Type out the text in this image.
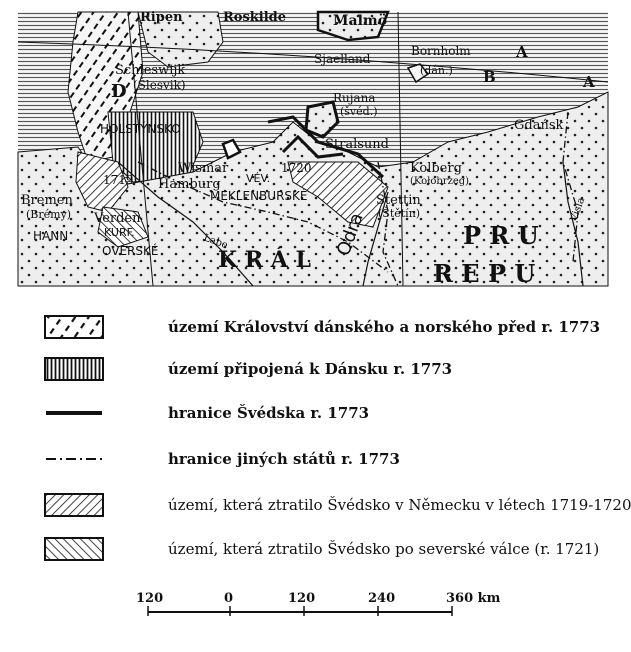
Ripen	Roskilde	Malmö
Sjaelland
Bornholm
(dán.)
A
B	A
D
Schleswijk
(Šlesvik)
HOLSTÝNSKO
Rujana
(švéd.)
Stralsund
Gdańsk
Wismar
Hamburg VÉV.
MEKLENBURSKÉ
1719
1720	Kolberg
(Kołobrzeg)
Stettin
(Štětín)
Bremen
(Brémy) Verden
KURF.
HANN
OVERSKÉ	Labe
Visla
Odra
K R Á L
P R U
R E P U
území Království dánského a norského před r. 1773
území připojená k Dánsku r. 1773
hranice Švédska r. 1773
hranice jiných států r. 1773
území, která ztratilo Švédsko v Německu v létech 1719-1720
území, která ztratilo Švédsko po severské válce (r. 1721)
120	0	120	240	360 km
